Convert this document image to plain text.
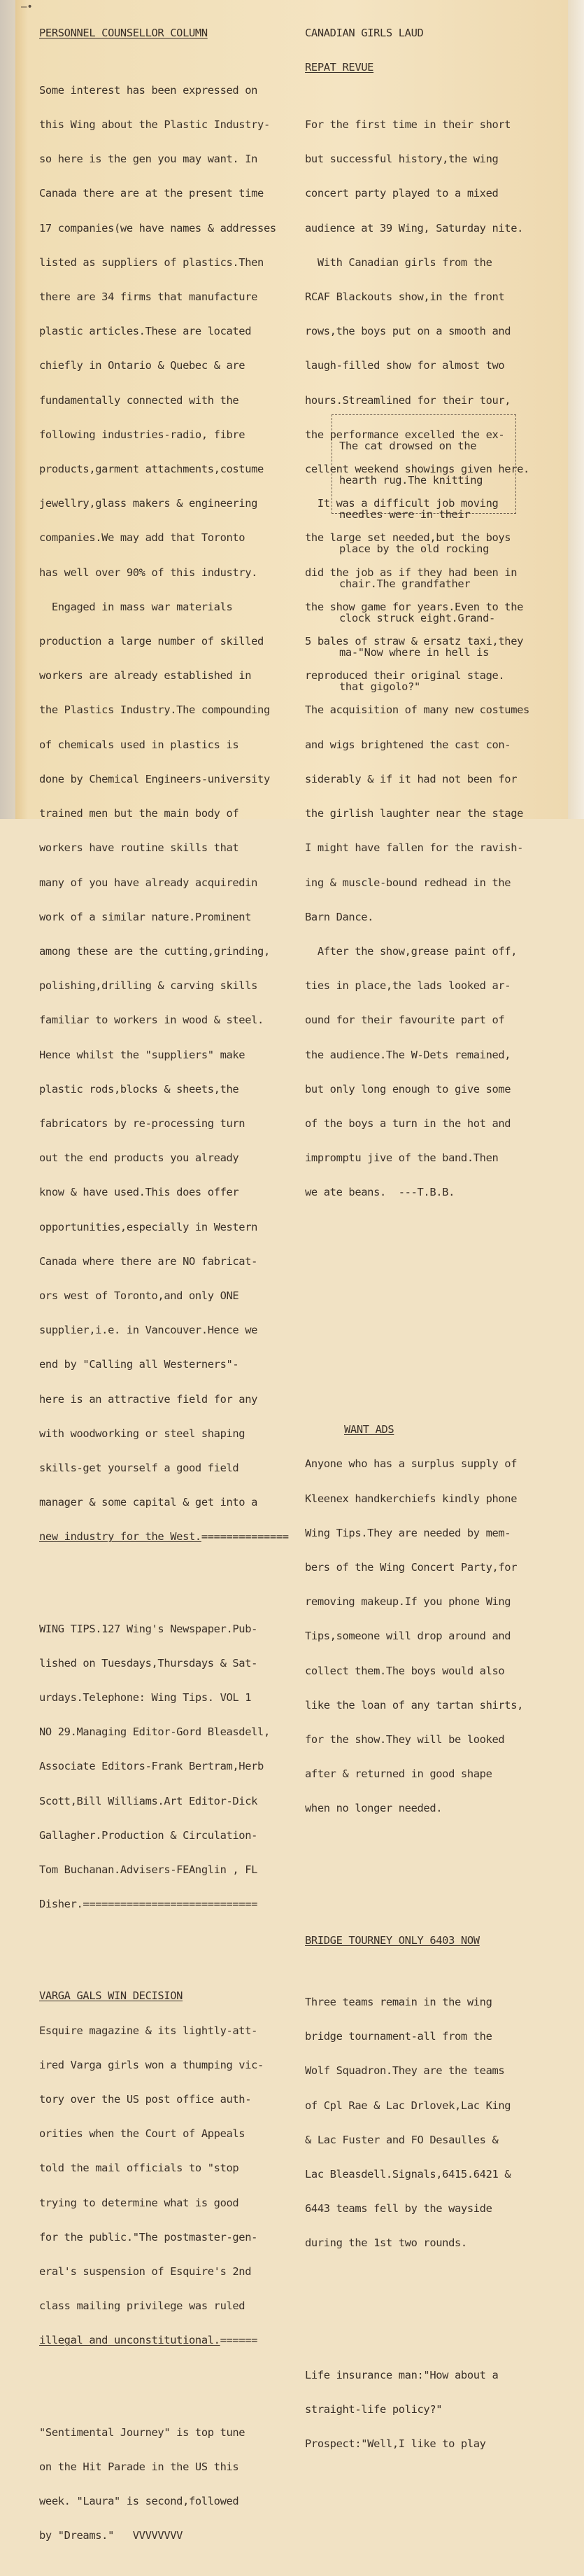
–•

PERSONNEL COUNSELLOR COLUMN

Some interest has been expressed on

this Wing about the Plastic Industry-

so here is the gen you may want. In

Canada there are at the present time

17 companies(we have names & addresses

listed as suppliers of plastics.Then

there are 34 firms that manufacture

plastic articles.These are located

chiefly in Ontario & Quebec & are

fundamentally connected with the

following industries-radio, fibre

products,garment attachments,costume

jewellry,glass makers & engineering

companies.We may add that Toronto

has well over 90% of this industry.

Engaged in mass war materials

production a large number of skilled

workers are already established in

the Plastics Industry.The compounding

of chemicals used in plastics is

done by Chemical Engineers-university

trained men but the main body of

workers have routine skills that

many of you have already acquiredin

work of a similar nature.Prominent

among these are the cutting,grinding,

polishing,drilling & carving skills

familiar to workers in wood & steel.

Hence whilst the "suppliers" make

plastic rods,blocks & sheets,the

fabricators by re-processing turn

out the end products you already

know & have used.This does offer

opportunities,especially in Western

Canada where there are NO fabricat-

ors west of Toronto,and only ONE

supplier,i.e. in Vancouver.Hence we

end by "Calling all Westerners"-

here is an attractive field for any

with woodworking or steel shaping

skills-get yourself a good field

manager & some capital & get into a

new industry for the West.==============

WING TIPS.127 Wing's Newspaper.Pub-

lished on Tuesdays,Thursdays & Sat-

urdays.Telephone: Wing Tips. VOL 1

NO 29.Managing Editor-Gord Bleasdell,

Associate Editors-Frank Bertram,Herb

Scott,Bill Williams.Art Editor-Dick

Gallagher.Production & Circulation-

Tom Buchanan.Advisers-FEAnglin , FL

Disher.============================

VARGA GALS WIN DECISION

Esquire magazine & its lightly-att-

ired Varga girls won a thumping vic-

tory over the US post office auth-

orities when the Court of Appeals

told the mail officials to "stop

trying to determine what is good

for the public."The postmaster-gen-

eral's suspension of Esquire's 2nd

class mailing privilege was ruled

illegal and unconstitutional.======

"Sentimental Journey" is top tune

on the Hit Parade in the US this

week. "Laura" is second,followed

by "Dreams."   VVVVVVVV

CANADIAN GIRLS LAUD

REPAT REVUE

For the first time in their short

but successful history,the wing

concert party played to a mixed

audience at 39 Wing, Saturday nite.

With Canadian girls from the

RCAF Blackouts show,in the front

rows,the boys put on a smooth and

laugh-filled show for almost two

hours.Streamlined for their tour,

the performance excelled the ex-

cellent weekend showings given here.

It was a difficult job moving

the large set needed,but the boys

did the job as if they had been in

the show game for years.Even to the

5 bales of straw & ersatz taxi,they

reproduced their original stage.

The acquisition of many new costumes

and wigs brightened the cast con-

siderably & if it had not been for

the girlish laughter near the stage

I might have fallen for the ravish-

ing & muscle-bound redhead in the

Barn Dance.

After the show,grease paint off,

ties in place,the lads looked ar-

ound for their favourite part of

the audience.The W-Dets remained,

but only long enough to give some

of the boys a turn in the hot and

impromptu jive of the band.Then

we ate beans.  ---T.B.B.

WANT ADS

Anyone who has a surplus supply of

Kleenex handkerchiefs kindly phone

Wing Tips.They are needed by mem-

bers of the Wing Concert Party,for

removing makeup.If you phone Wing

Tips,someone will drop around and

collect them.The boys would also

like the loan of any tartan shirts,

for the show.They will be looked

after & returned in good shape

when no longer needed.

BRIDGE TOURNEY ONLY 6403 NOW

Three teams remain in the wing

bridge tournament-all from the

Wolf Squadron.They are the teams

of Cpl Rae & Lac Drlovek,Lac King

& Lac Fuster and FO Desaulles &

Lac Bleasdell.Signals,6415.6421 &

6443 teams fell by the wayside

during the 1st two rounds.

Life insurance man:"How about a

straight-life policy?"

Prospect:"Well,I like to play

The cat drowsed on the

hearth rug.The knitting

needles were in their

place by the old rocking

chair.The grandfather

clock struck eight.Grand-

ma-"Now where in hell is

that gigolo?"
